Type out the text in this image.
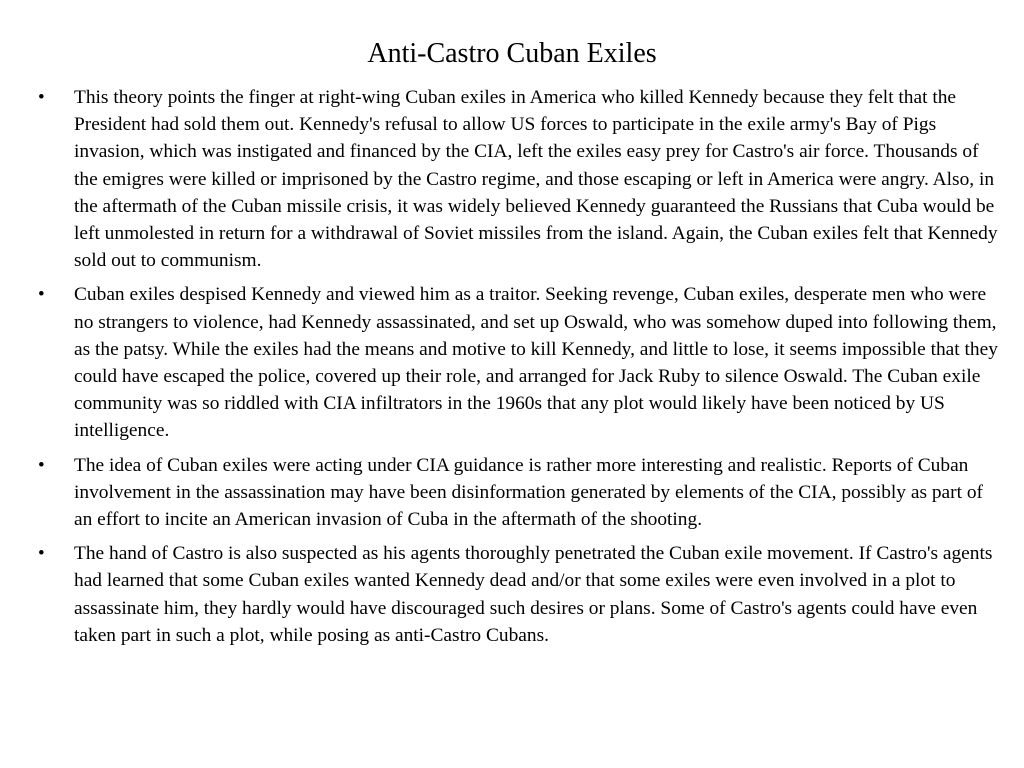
Anti-Castro Cuban Exiles
•	This theory points the finger at right-wing Cuban exiles in America who killed Kennedy because they felt that the President had sold them out. Kennedy's refusal to allow US forces to participate in the exile army's Bay of Pigs invasion, which was instigated and financed by the CIA, left the exiles easy prey for Castro's air force. Thousands of the emigres were killed or imprisoned by the Castro regime, and those escaping or left in America were angry. Also, in the aftermath of the Cuban missile crisis, it was widely believed Kennedy guaranteed the Russians that Cuba would be left unmolested in return for a withdrawal of Soviet missiles from the island. Again, the Cuban exiles felt that Kennedy sold out to communism.
•	Cuban exiles despised Kennedy and viewed him as a traitor. Seeking revenge, Cuban exiles, desperate men who were no strangers to violence, had Kennedy assassinated, and set up Oswald, who was somehow duped into following them, as the patsy. While the exiles had the means and motive to kill Kennedy, and little to lose, it seems impossible that they could have escaped the police, covered up their role, and arranged for Jack Ruby to silence Oswald. The Cuban exile community was so riddled with CIA infiltrators in the 1960s that any plot would likely have been noticed by US intelligence.
•	The idea of Cuban exiles were acting under CIA guidance is rather more interesting and realistic. Reports of Cuban involvement in the assassination may have been disinformation generated by elements of the CIA, possibly as part of an effort to incite an American invasion of Cuba in the aftermath of the shooting.
•	The hand of Castro is also suspected as his agents thoroughly penetrated the Cuban exile movement. If Castro's agents had learned that some Cuban exiles wanted Kennedy dead and/or that some exiles were even involved in a plot to assassinate him, they hardly would have discouraged such desires or plans. Some of Castro's agents could have even taken part in such a plot, while posing as anti-Castro Cubans.
